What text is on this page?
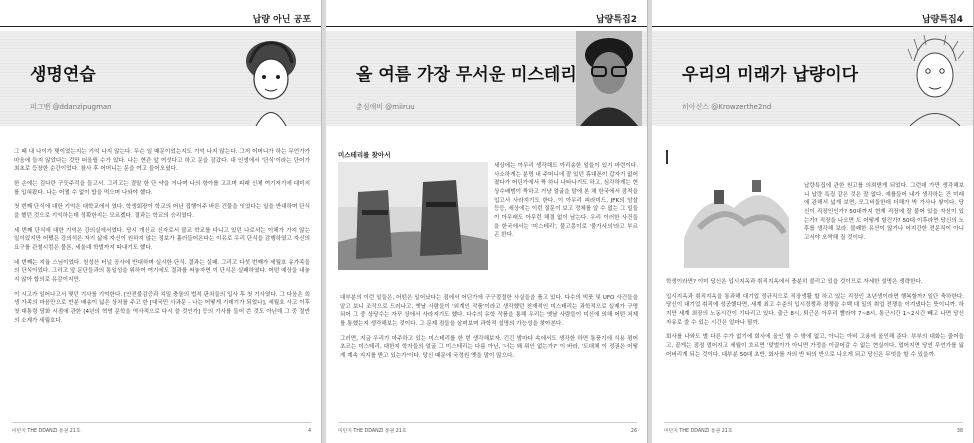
납량 아닌 공포
생명연습
피그맨 @ddanzipugman

그 때 내 나이가 몇이었는지는 기억 나지 않는다. 무슨 일 때문이었는지도 기억 나지 않는다. 그저 어머니가 하는 무언가가 마음에 들지 않았다는 것만 떠올릴 수가 있다. 나는 현관 앞 여섯다고 하고 문을 잠갔다. 내 인생에서 '단식'이라는 단어가 최초로 등장한 순간이었다. 참사 후 어머니는 문을 여고 들어오셨다.

한 손에는 김다란 구둣주걱을 들고서. 그리고는 결말 한 단 약을 거나며 나의 항아를 고프며 피래 신체 여기저기에 대미지를 입혀왔다. 나는 어쩔 수 없이 밥을 먹으며 나와야 했다.

첫 번째 단식에 대한 기억은 대학교에서 였다. 학생회장이 학교의 어난 집행이주 바른 건물을 잇었다는 일을 반대하며 단식을 했던 것으로 기억하는데 정확한지는 모르겠다. 결과는 학교의 승리였다.

세 번째 단식에 대한 기억은 강의실에서였다. 당시 개신교 신자로서 불교 학교를 다니고 있던 나로서는 이해가 가지 않는 일이었지만 어쨌든 강의석은 자기 삶에 자신이 원하지 않는 정보가 흘러들어온다는 이유로 우리 단식을 감행하였고 자신의 요구를 관철시킴은 물론, 세울대 학벌까지 따내기도 했다.

네 번째는 지율 스님이었다. 천성산 터널 공사에 반대하며 실시한 단식. 결과는 실패. 그리고 다섯 번째가 세월호 유가족들의 단식이었다. 그리고 앞 문단들과의 통일성을 위하여 여기에도 결과를 써놓자면 이 단식은 실패하였다. 어떤 예상을 내놓지 않아 합의로 유감이지만.

이 시고가 일어나고서 몇던 기사를 기억한다. [안전불감증과 치밀 충돌의 법적 판처들의 입사 후 첫 기사였다. 그 다음은 희생 가족의 마음만으로 반분 배송이 넓은 상처를 주고 한 [대국민 사과문 - 나는 어떻게 기레기가 되었나], 세월호 사고 이후 첫 대통령 담화 시점에 관한 [4년의 혁명 문학을 역사적으로 다시 쓸 것인가] 등의 기사를 들어 쓴 것도 아닌데 그 중 절반의 소제가 세월호다.

미탄지 THE DDANZI 통권 21호	4
납량특집2
올 여름 가장 무서운 미스테리
춘심애비 @miiruu
미스테리를 찾아서

세상에는 아무리 생각해도 아리송한 일들이 있기 마련이다. 사소하게는 분명 내 주머니에 잘 있던 휴대폰이 갑자기 없어졌다가 어딘가에서 짝 하니 나타나기도 하고, 심각하게는 현상수배범이 짝하고 거냥 얼굴을 말에 본 채 한국에서 잠적을 입고서 사라지기도 한다. 이 아무리 피라미드, JFK의 암살 등등, 세상에는 이런 질문이 보고 정체를 알 수 없는 그 일들이 아무래도 아무런 해결 없이 남는다. 우리 이러한 사건들을 한국에서는 '미스테리', 물고몽이로 '불가사의'라고 부르곤 한다.

대부분의 이런 일들은, 어떤은 일어났다는 점에서 어딘가에 구구절절한 사실들을 품고 있다. 다수의 빅풋 및 UFO 사건들을 알고 보니 조작으로 드러나고, 옛날 사람들이 '외계인 작품'이라고 생각했던 천재적인 미스테리는 과학적으로 실제가 구명되어 그 중 상당수는 자꾸 상에서 사라지기도 했다. 다수의 유학 작품을 통해 우리는 옛날 사람들이 미신에 의해 어떤 처제를 통했는지 생각해보는 것이다. 그 문제 점들을 살펴보며 과학적 설명의 가능성을 찾아본다.

그러면, 지금 우리가 마주하고 있는 미스테리를 한 번 생각해보자. 긴긴 밤마다 속에서도 생각한 하면 통풍기에 식용 평어 초코는 미스테리, 대한지 학자들의 얼굴 그 미스테리는 다름 아닌, '너는 왜 뭐인 없는가?' 이 바라, '도대체 이 정권은 어떻게 계속 지지를 받고 있는가'이다. 당신 때문에 국정원 옛을 말이 많으다.

미탄지 THE DDANZI 통권 21호	26
납량특집4
우리의 미래가 납량이다
히아신스 @Krowzerthe2nd

납량특집에 관한 원고를 의뢰받게 되었다. 그런데 가만 생각해보니 납량 특집 같은 것은 잘 없다. 예를들어 내가 생각하는 건 미래에 관해서 넓게 보면, 모그비들한데 더해가 박 가사나 쌓이다. 당신이 직장인인가? 50대까지 현재 직장에 잘 붙어 있을 자신이 있는가? 직장을 나오면 도 어떻게 할건가? 50대 이후라면 당신의 노후를 생각해 보라. 불쾌한 유산이 많거나 어지간한 전문직이 아니고서야 오싹해 질 것이다.

학생이라면? 이미 당신은 입시지옥과 취직지옥에서 충분히 불리고 있을 것이므로 자세한 설명은 생략한다.

입시지옥과 취직지옥을 통과해 대기업 정규직으로 직장생활 할 하고 있는 직장인 초년생이라면 행복할까? 일단 축하한다. 당신이 대기업 취직에 성공했다면, 세계 최고 수준의 입시경쟁과 경쟁을 수백 대 일의 취업 전쟁을 이겨냈다는 뜻이니까. 하지만 세계 최장의 노동시간이 기다리고 있다. 출근 8시, 퇴근은 아무리 빨라야 7~8시, 통근시간 1~2시간 빼고 나면 당신 자유로 쓸 수 있는 시간은 얼마나 될까.

회사를 나와도 별 다른 수가 없기에 회사에 올인 할 수 밖에 없고, 아니는 아비 고용에 올인해 준다. 부부의 대화는 줄어들고, 끝게는 점점 멀어지고 세월이 흐르면 '맞벌이가 아니면 가정을 이끌어갈 수 없는 현실이다. 멀어지면 당연 무언가를 잃어버리게 되는 것이다. 대부분 50대 초반, 회사를 자의 반 타의 반으로 나오게 되고 당신은 무엇을 할 수 있을까.

미탄지 THE DDANZI 통권 21호	38
